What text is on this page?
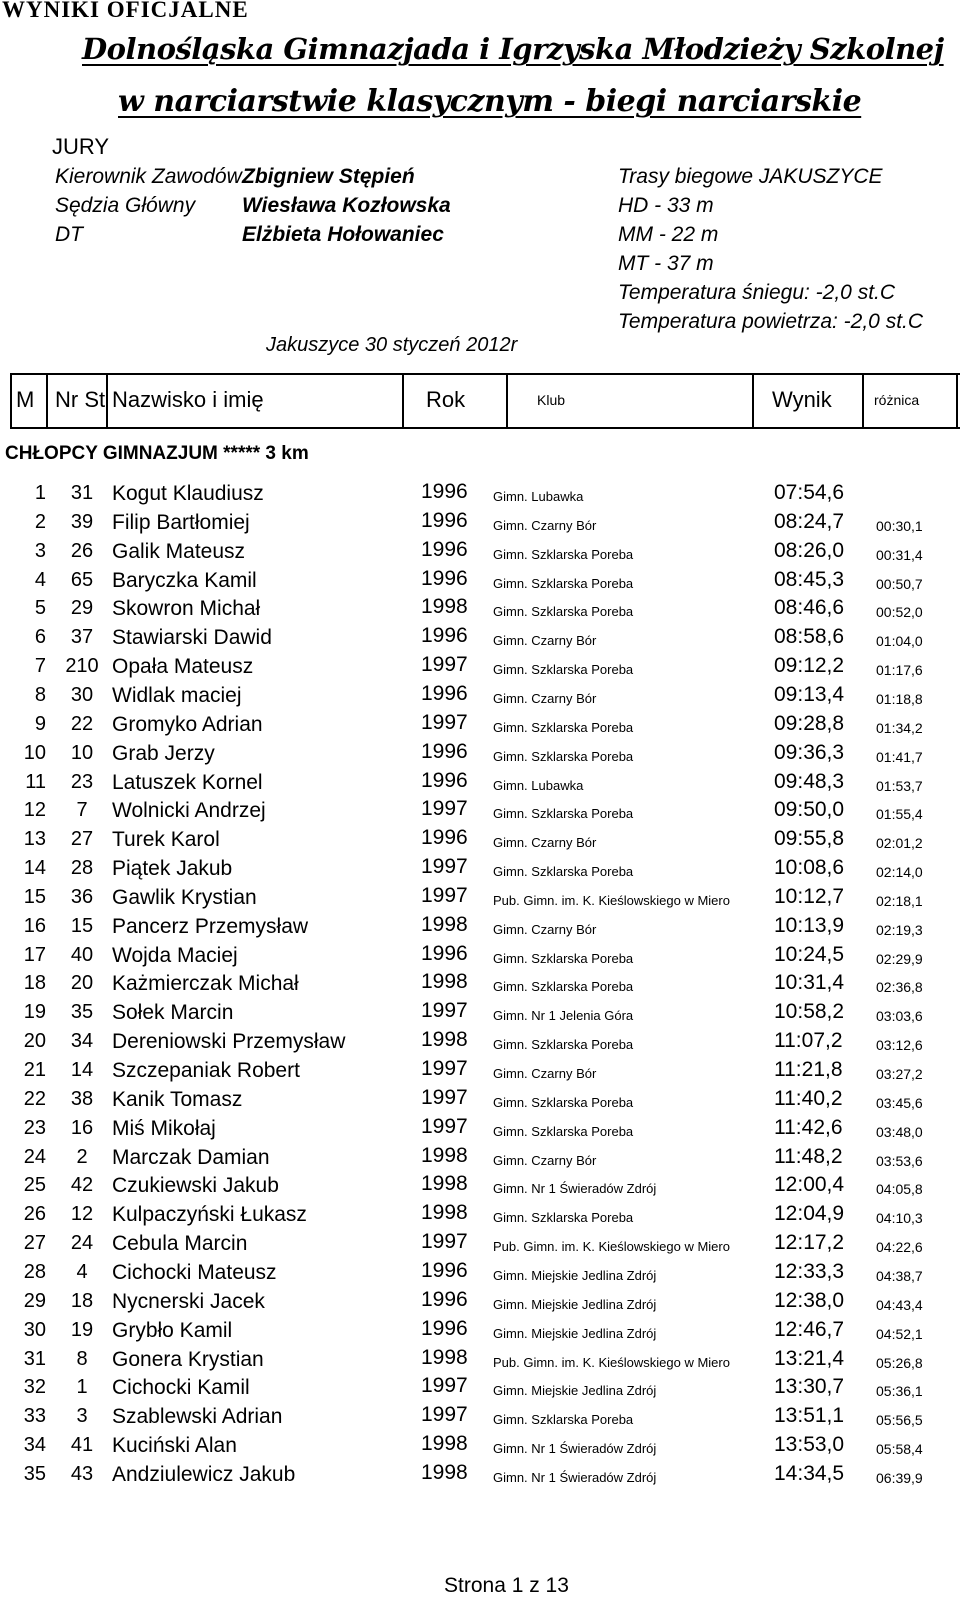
WYNIKI OFICJALNE
Dolnośląska Gimnazjada i Igrzyska Młodzieży Szkolnej
w narciarstwie klasycznym - biegi narciarskie
JURY
Kierownik Zawodów Zbigniew Stępień
Sędzia Główny Wiesława Kozłowska
DT	Elżbieta Hołowaniec
Trasy biegowe JAKUSZYCE
HD - 33 m
MM - 22 m
MT - 37 m
Temperatura śniegu: -2,0 st.C
Temperatura powietrza: -2,0 st.C
Jakuszyce 30 styczeń 2012r
M Nr St Nazwisko i imię	Rok	Klub	Wynik	różnica
CHŁOPCY GIMNAZJUM ***** 3 km
1	31 Kogut Klaudiusz	1996 Gimn. Lubawka	07:54,6
2	39 Filip Bartłomiej	1996 Gimn. Czarny Bór	08:24,7 00:30,1
3	26 Galik Mateusz	1996 Gimn. Szklarska Poreba	08:26,0 00:31,4
4	65 Baryczka Kamil	1996 Gimn. Szklarska Poreba	08:45,3 00:50,7
5	29 Skowron Michał	1998 Gimn. Szklarska Poreba	08:46,6 00:52,0
6	37 Stawiarski Dawid	1996 Gimn. Czarny Bór	08:58,6 01:04,0
7 210 Opała Mateusz	1997 Gimn. Szklarska Poreba	09:12,2 01:17,6
8	30 Widlak maciej	1996 Gimn. Czarny Bór	09:13,4 01:18,8
9	22 Gromyko Adrian	1997 Gimn. Szklarska Poreba	09:28,8 01:34,2
10	10 Grab Jerzy	1996 Gimn. Szklarska Poreba	09:36,3 01:41,7
11	23 Latuszek Kornel	1996 Gimn. Lubawka	09:48,3 01:53,7
12	7	Wolnicki Andrzej	1997 Gimn. Szklarska Poreba	09:50,0 01:55,4
13	27 Turek Karol	1996 Gimn. Czarny Bór	09:55,8 02:01,2
14	28 Piątek Jakub	1997 Gimn. Szklarska Poreba	10:08,6 02:14,0
15	36 Gawlik Krystian	1997 Pub. Gimn. im. K. Kieślowskiego w Miero	10:12,7 02:18,1
16	15 Pancerz Przemysław	1998 Gimn. Czarny Bór	10:13,9 02:19,3
17	40 Wojda Maciej	1996 Gimn. Szklarska Poreba	10:24,5 02:29,9
18	20 Każmierczak Michał	1998 Gimn. Szklarska Poreba	10:31,4 02:36,8
19	35 Sołek Marcin	1997 Gimn. Nr 1 Jelenia Góra	10:58,2 03:03,6
20	34 Dereniowski Przemysław	1998 Gimn. Szklarska Poreba	11:07,2 03:12,6
21	14 Szczepaniak Robert	1997 Gimn. Czarny Bór	11:21,8 03:27,2
22	38 Kanik Tomasz	1997 Gimn. Szklarska Poreba	11:40,2 03:45,6
23	16 Miś Mikołaj	1997 Gimn. Szklarska Poreba	11:42,6 03:48,0
24	2	Marczak Damian	1998 Gimn. Czarny Bór	11:48,2 03:53,6
25	42 Czukiewski Jakub	1998 Gimn. Nr 1 Świeradów Zdrój	12:00,4 04:05,8
26	12 Kulpaczyński Łukasz	1998 Gimn. Szklarska Poreba	12:04,9 04:10,3
27	24 Cebula Marcin	1997 Pub. Gimn. im. K. Kieślowskiego w Miero	12:17,2 04:22,6
28	4	Cichocki Mateusz	1996 Gimn. Miejskie Jedlina Zdrój	12:33,3 04:38,7
29	18 Nycnerski Jacek	1996 Gimn. Miejskie Jedlina Zdrój	12:38,0 04:43,4
30	19 Grybło Kamil	1996 Gimn. Miejskie Jedlina Zdrój	12:46,7 04:52,1
31	8	Gonera Krystian	1998 Pub. Gimn. im. K. Kieślowskiego w Miero	13:21,4 05:26,8
32	1	Cichocki Kamil	1997 Gimn. Miejskie Jedlina Zdrój	13:30,7 05:36,1
33	3	Szablewski Adrian	1997 Gimn. Szklarska Poreba	13:51,1 05:56,5
34	41 Kuciński Alan	1998 Gimn. Nr 1 Świeradów Zdrój	13:53,0 05:58,4
35	43 Andziulewicz Jakub	1998 Gimn. Nr 1 Świeradów Zdrój	14:34,5 06:39,9
Strona 1 z 13
